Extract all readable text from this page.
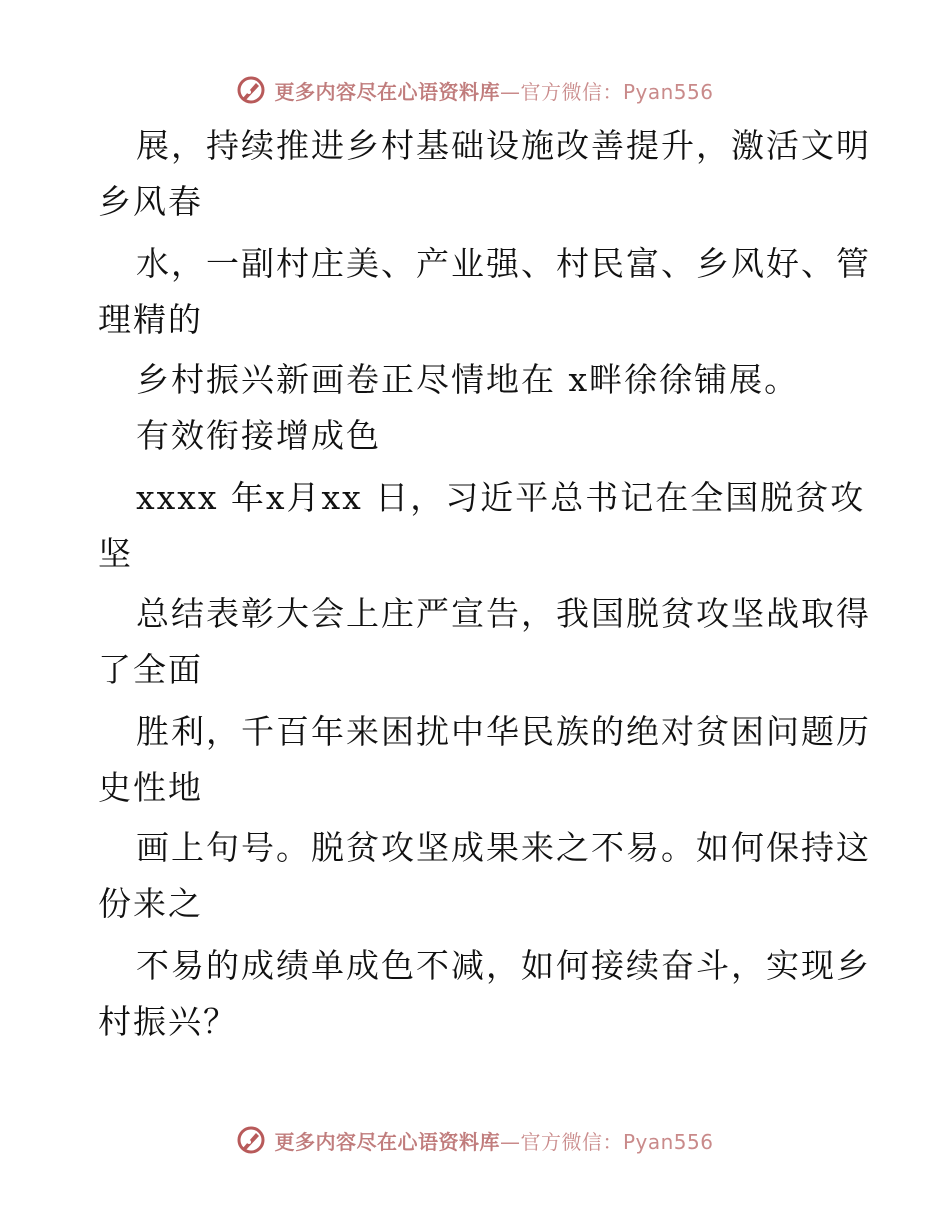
更多内容尽在心语资料库—官方微信：Pyan556
展，持续推进乡村基础设施改善提升，激活文明
乡风春
水，一副村庄美、产业强、村民富、乡风好、管
理精的
乡村振兴新画卷正尽情地在 x畔徐徐铺展。
有效衔接增成色
xxxx 年x月xx 日，习近平总书记在全国脱贫攻
坚
总结表彰大会上庄严宣告，我国脱贫攻坚战取得
了全面
胜利，千百年来困扰中华民族的绝对贫困问题历
史性地
画上句号。脱贫攻坚成果来之不易。如何保持这
份来之
不易的成绩单成色不减，如何接续奋斗，实现乡
村振兴？
更多内容尽在心语资料库—官方微信：Pyan556
